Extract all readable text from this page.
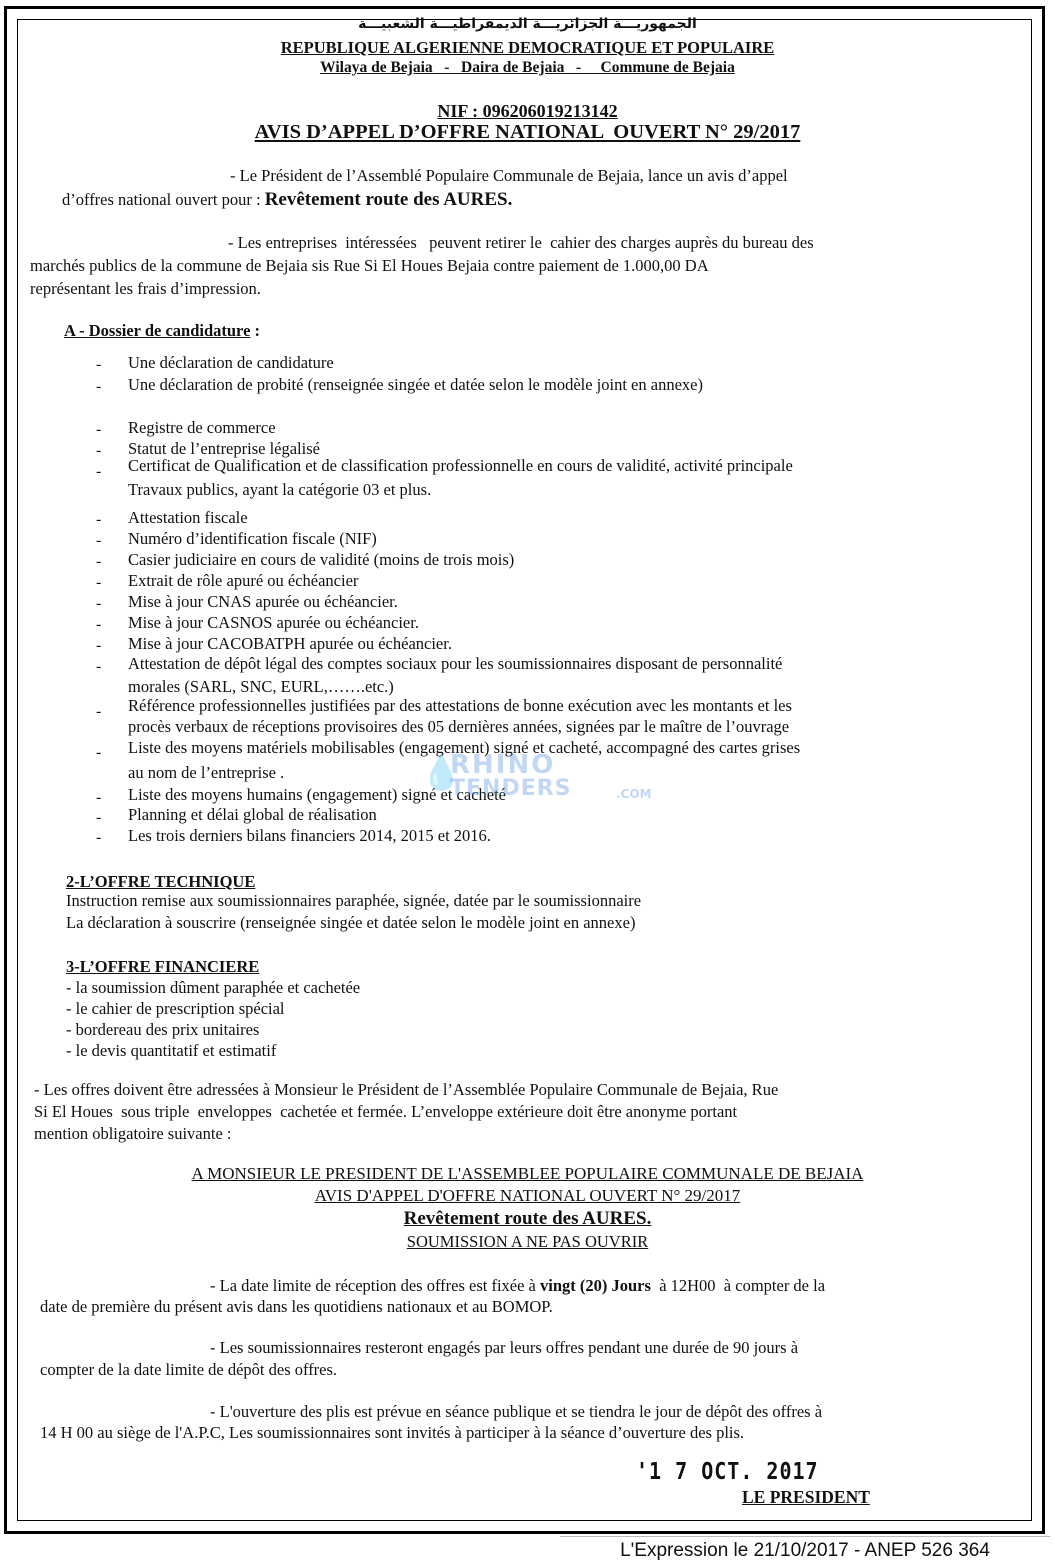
الجمهوريـــة الجزائريـــة الديمقراطيـــة الشعبيـــة
REPUBLIQUE ALGERIENNE DEMOCRATIQUE ET POPULAIRE
Wilaya de Bejaia   -   Daira de Bejaia   -     Commune de Bejaia
NIF : 096206019213142
AVIS D’APPEL D’OFFRE NATIONAL  OUVERT N° 29/2017
- Le Président de l’Assemblé Populaire Communale de Bejaia, lance un avis d’appel
d’offres national ouvert pour : Revêtement route des AURES.
- Les entreprises  intéressées   peuvent retirer le  cahier des charges auprès du bureau des
marchés publics de la commune de Bejaia sis Rue Si El Houes Bejaia contre paiement de 1.000,00 DA
représentant les frais d’impression.
A - Dossier de candidature :
- Une déclaration de candidature
- Une déclaration de probité (renseignée singée et datée selon le modèle joint en annexe)
- Registre de commerce
- Statut de l’entreprise légalisé
- Certificat de Qualification et de classification professionnelle en cours de validité, activité principale
Travaux publics, ayant la catégorie 03 et plus.
- Attestation fiscale
- Numéro d’identification fiscale (NIF)
- Casier judiciaire en cours de validité (moins de trois mois)
- Extrait de rôle apuré ou échéancier
- Mise à jour CNAS apurée ou échéancier.
- Mise à jour CASNOS apurée ou échéancier.
- Mise à jour CACOBATPH apurée ou échéancier.
- Attestation de dépôt légal des comptes sociaux pour les soumissionnaires disposant de personnalité
morales (SARL, SNC, EURL,…….etc.)
- Référence professionnelles justifiées par des attestations de bonne exécution avec les montants et les
procès verbaux de réceptions provisoires des 05 dernières années, signées par le maître de l’ouvrage
- Liste des moyens matériels mobilisables (engagement) signé et cacheté, accompagné des cartes grises
au nom de l’entreprise .
- Liste des moyens humains (engagement) signé et cacheté
- Planning et délai global de réalisation
- Les trois derniers bilans financiers 2014, 2015 et 2016.
💧
RHINO
TENDERS	.COM
2-L’OFFRE TECHNIQUE
Instruction remise aux soumissionnaires paraphée, signée, datée par le soumissionnaire
La déclaration à souscrire (renseignée singée et datée selon le modèle joint en annexe)
3-L’OFFRE FINANCIERE
- la soumission dûment paraphée et cachetée
- le cahier de prescription spécial
- bordereau des prix unitaires
- le devis quantitatif et estimatif
- Les offres doivent être adressées à Monsieur le Président de l’Assemblée Populaire Communale de Bejaia, Rue
Si El Houes  sous triple  enveloppes  cachetée et fermée. L’enveloppe extérieure doit être anonyme portant
mention obligatoire suivante :
A MONSIEUR LE PRESIDENT DE L'ASSEMBLEE POPULAIRE COMMUNALE DE BEJAIA
AVIS D'APPEL D'OFFRE NATIONAL OUVERT N° 29/2017
Revêtement route des AURES.
SOUMISSION A NE PAS OUVRIR
- La date limite de réception des offres est fixée à vingt (20) Jours  à 12H00  à compter de la
date de première du présent avis dans les quotidiens nationaux et au BOMOP.
- Les soumissionnaires resteront engagés par leurs offres pendant une durée de 90 jours à
compter de la date limite de dépôt des offres.
- L'ouverture des plis est prévue en séance publique et se tiendra le jour de dépôt des offres à
14 H 00 au siège de l'A.P.C, Les soumissionnaires sont invités à participer à la séance d’ouverture des plis.
'1 7 OCT. 2017
LE PRESIDENT
L'Expression le 21/10/2017 - ANEP 526 364
